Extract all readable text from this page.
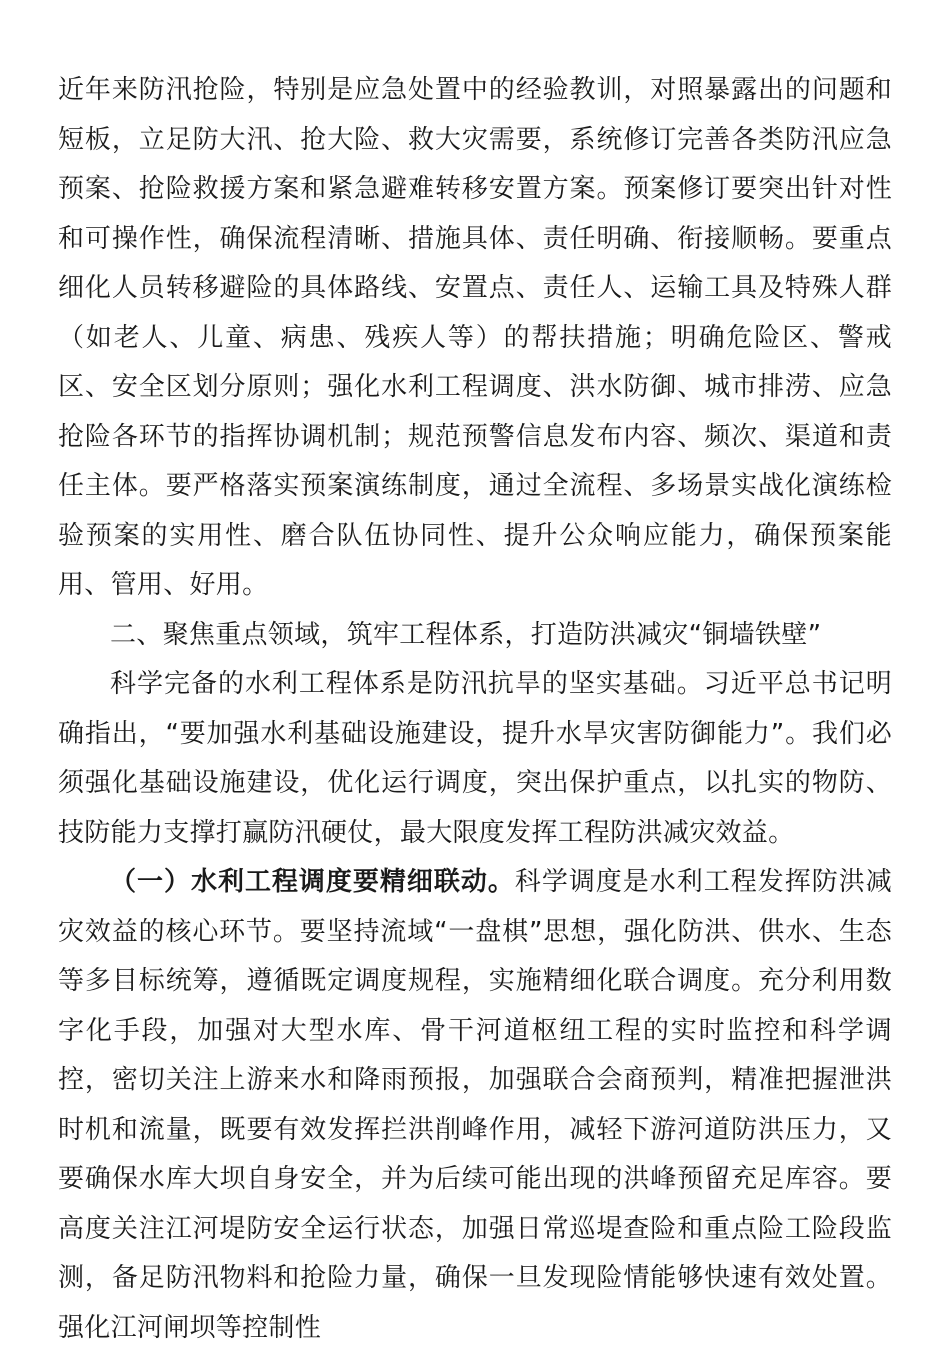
近年来防汛抢险，特别是应急处置中的经验教训，对照暴露出的问题和短板，立足防大汛、抢大险、救大灾需要，系统修订完善各类防汛应急预案、抢险救援方案和紧急避难转移安置方案。预案修订要突出针对性和可操作性，确保流程清晰、措施具体、责任明确、衔接顺畅。要重点细化人员转移避险的具体路线、安置点、责任人、运输工具及特殊人群（如老人、儿童、病患、残疾人等）的帮扶措施；明确危险区、警戒区、安全区划分原则；强化水利工程调度、洪水防御、城市排涝、应急抢险各环节的指挥协调机制；规范预警信息发布内容、频次、渠道和责任主体。要严格落实预案演练制度，通过全流程、多场景实战化演练检验预案的实用性、磨合队伍协同性、提升公众响应能力，确保预案能用、管用、好用。

二、聚焦重点领域，筑牢工程体系，打造防洪减灾“铜墙铁壁”

科学完备的水利工程体系是防汛抗旱的坚实基础。习近平总书记明确指出，“要加强水利基础设施建设，提升水旱灾害防御能力”。我们必须强化基础设施建设，优化运行调度，突出保护重点，以扎实的物防、技防能力支撑打赢防汛硬仗，最大限度发挥工程防洪减灾效益。

（一）水利工程调度要精细联动。科学调度是水利工程发挥防洪减灾效益的核心环节。要坚持流域“一盘棋”思想，强化防洪、供水、生态等多目标统筹，遵循既定调度规程，实施精细化联合调度。充分利用数字化手段，加强对大型水库、骨干河道枢纽工程的实时监控和科学调控，密切关注上游来水和降雨预报，加强联合会商预判，精准把握泄洪时机和流量，既要有效发挥拦洪削峰作用，减轻下游河道防洪压力，又要确保水库大坝自身安全，并为后续可能出现的洪峰预留充足库容。要高度关注江河堤防安全运行状态，加强日常巡堤查险和重点险工险段监测，备足防汛物料和抢险力量，确保一旦发现险情能够快速有效处置。强化江河闸坝等控制性
